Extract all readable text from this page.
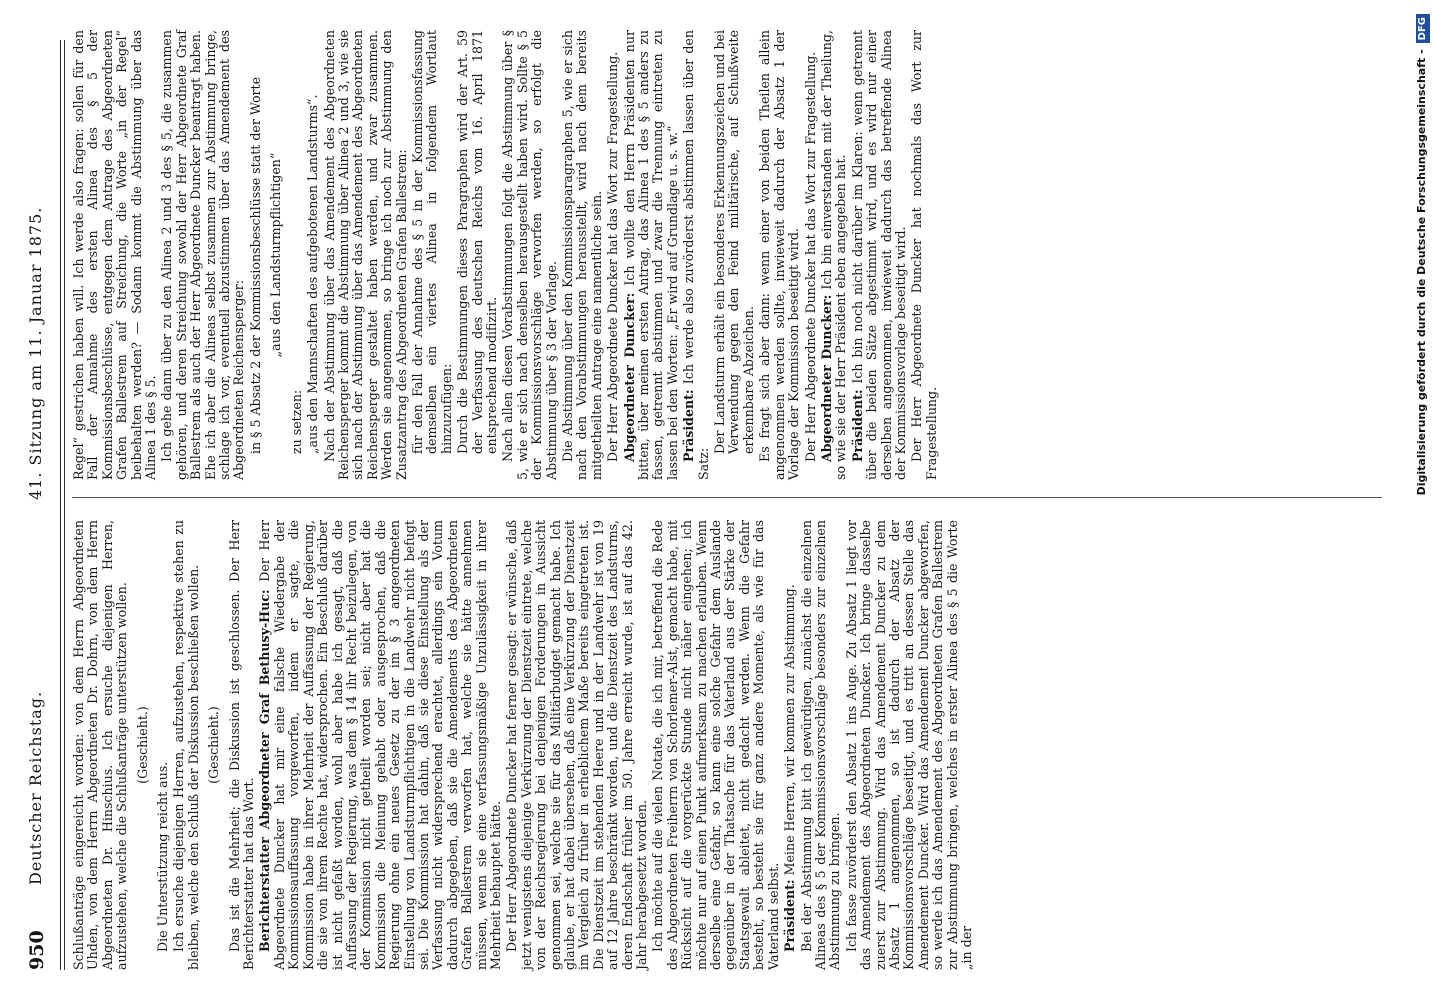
950
Deutscher Reichstag.
41. Sitzung am 11. Januar 1875.

Schlußanträge eingereicht worden: von dem Herrn Abgeordneten Uhden, von dem Herrn Abgeordneten Dr. Dohrn, von dem Herrn Abgeordneten Dr. Hinschius. Ich ersuche diejenigen Herren, aufzustehen, welche die Schlußanträge unterstützen wollen. (Geschieht.)

Die Unterstützung reicht aus. Ich ersuche diejenigen Herren, aufzustehen, respektive stehen zu bleiben, welche den Schluß der Diskussion beschließen wollen. (Geschieht.) Das ist die Mehrheit; die Diskussion ist geschlossen. Der Herr Berichterstatter hat das Wort. Berichterstatter Abgeordneter Graf Bethusy-Huc: Der Herr Abgeordnete Duncker hat mir eine falsche Wiedergabe der Kommissionsauffassung vorgeworfen, indem er sagte, die Kommission habe in ihrer Mehrheit der Auffassung der Regierung, die sie von ihrem Rechte hat, widersprochen. Ein Beschluß darüber ist nicht gefaßt worden, wohl aber habe ich gesagt, daß die Auffassung der Regierung, was dem § 14 ihr Recht beizulegen, von der Kommission nicht getheilt worden sei; nicht aber hat die Kommission die Meinung gehabt oder ausgesprochen, daß die Regierung ohne ein neues Gesetz zu der im § 3 angeordneten Einstellung von Landsturmpflichtigen in die Landwehr nicht befugt sei. Die Kommission hat dahin, daß sie diese Einstellung als der Verfassung nicht widersprechend erachtet, allerdings ein Votum dadurch abgegeben, daß sie die Amendements des Abgeordneten Grafen Ballestrem verworfen hat, welche sie hätte annehmen müssen, wenn sie eine verfassungsmäßige Unzulässigkeit in ihrer Mehrheit behauptet hätte. Der Herr Abgeordnete Duncker hat ferner gesagt: er wünsche, daß jetzt wenigstens diejenige Verkürzung der Dienstzeit eintrete, welche von der Reichsregierung bei denjenigen Forderungen in Aussicht genommen sei, welche sie für das Militärbudget gemacht habe. Ich glaube, er hat dabei übersehen, daß eine Verkürzung der Dienstzeit im Vergleich zu früher in erheblichem Maße bereits eingetreten ist. Die Dienstzeit im stehenden Heere und in der Landwehr ist von 19 auf 12 Jahre beschränkt worden, und die Dienstzeit des Landsturms, deren Endschaft früher im 50. Jahre erreicht wurde, ist auf das 42. Jahr herabgesetzt worden. Ich möchte auf die vielen Notate, die ich mir, betreffend die Rede des Abgeordneten Freiherrn von Schorlemer-Alst, gemacht habe, mit Rücksicht auf die vorgerückte Stunde nicht näher eingehen; ich möchte nur auf einen Punkt aufmerksam zu machen erlauben. Wenn derselbe eine Gefahr, so kann eine solche Gefahr dem Auslande gegenüber in der Thatsache für das Vaterland aus der Stärke der Staatsgewalt ableitet, nicht gedacht werden. Wenn die Gefahr besteht, so besteht sie für ganz andere Momente, als wie für das Vaterland selbst. Präsident: Meine Herren, wir kommen zur Abstimmung. Bei der Abstimmung bitt ich gewürdigen, zunächst die einzelnen Alineas des § 5 der Kommissionsvorschläge besonders zur einzelnen Abstimmung zu bringen. Ich fasse zuvörderst den Absatz 1 ins Auge. Zu Absatz 1 liegt vor das Amendement des Abgeordneten Duncker. Ich bringe dasselbe zuerst zur Abstimmung. Wird das Amendement Duncker zu dem Absatz 1 angenommen, so ist dadurch der Absatz der Kommissionsvorschläge beseitigt, und es tritt an dessen Stelle das Amendement Duncker. Wird das Amendement Duncker abgeworfen, so werde ich das Amendement des Abgeordneten Grafen Ballestrem zur Abstimmung bringen, welches in erster Alinea des § 5 die Worte „in der

Regel“ gestrichen haben will. Ich werde also fragen: sollen für den Fall der Annahme des ersten Alinea des § 5 der Kommissionsbeschlüsse, entgegen dem Antrage des Abgeordneten Grafen Ballestrem auf Streichung, die Worte „in der Regel“ beibehalten werden? — Sodann kommt die Abstimmung über das Alinea 1 des § 5. Ich gehe dann über zu den Alinea 2 und 3 des § 5, die zusammen gehören, und deren Streichung sowohl der Herr Abgeordnete Graf Ballestrem als auch der Herr Abgeordnete Duncker beantragt haben. Ehe ich aber die Alineas selbst zusammen zur Abstimmung bringe, schlage ich vor, eventuell abzustimmen über das Amendement des Abgeordneten Reichensperger: in § 5 Absatz 2 der Kommissionsbeschlüsse statt der Worte „aus den Landsturmpflichtigen“

zu setzen: „aus den Mannschaften des aufgebotenen Landsturms“. Nach der Abstimmung über das Amendement des Abgeordneten Reichensperger kommt die Abstimmung über Alinea 2 und 3, wie sie sich nach der Abstimmung über das Amendement des Abgeordneten Reichensperger gestaltet haben werden, und zwar zusammen. Werden sie angenommen, so bringe ich noch zur Abstimmung den Zusatzantrag des Abgeordneten Grafen Ballestrem: für den Fall der Annahme des § 5 in der Kommissionsfassung demselben ein viertes Alinea in folgendem Wortlaut hinzuzufügen: Durch die Bestimmungen dieses Paragraphen wird der Art. 59 der Verfassung des deutschen Reichs vom 16. April 1871 entsprechend modifizirt. Nach allen diesen Vorabstimmungen folgt die Abstimmung über § 5, wie er sich nach denselben herausgestellt haben wird. Sollte § 5 der Kommissionsvorschläge verworfen werden, so erfolgt die Abstimmung über § 3 der Vorlage. Die Abstimmung über den Kommissionsparagraphen 5, wie er sich nach den Vorabstimmungen herausstellt, wird nach dem bereits mitgetheilten Antrage eine namentliche sein. Der Herr Abgeordnete Duncker hat das Wort zur Fragestellung. Abgeordneter Duncker: Ich wollte den Herrn Präsidenten nur bitten, über meinen ersten Antrag, das Alinea 1 des § 5 anders zu fassen, getrennt abstimmen und zwar die Trennung eintreten zu lassen bei den Worten: „Er wird auf Grundlage u. s. w.“ Präsident: Ich werde also zuvörderst abstimmen lassen über den Satz:

Der Landsturm erhält ein besonderes Erkennungszeichen und bei Verwendung gegen den Feind militärische, auf Schußweite erkennbare Abzeichen. Es fragt sich aber dann: wenn einer von beiden Theilen allein angenommen werden sollte, inwieweit dadurch der Absatz 1 der Vorlage der Kommission beseitigt wird. Der Herr Abgeordnete Duncker hat das Wort zur Fragestellung. Abgeordneter Duncker: Ich bin einverstanden mit der Theilung, so wie sie der Herr Präsident eben angegeben hat. Präsident: Ich bin noch nicht darüber im Klaren: wenn getrennt über die beiden Sätze abgestimmt wird, und es wird nur einer derselben angenommen, inwieweit dadurch das betreffende Alinea der Kommissionsvorlage beseitigt wird. Der Herr Abgeordnete Duncker hat nochmals das Wort zur Fragestellung.	Digitalisierung gefördert durch die Deutsche Forschungsgemeinschaft -DFG
